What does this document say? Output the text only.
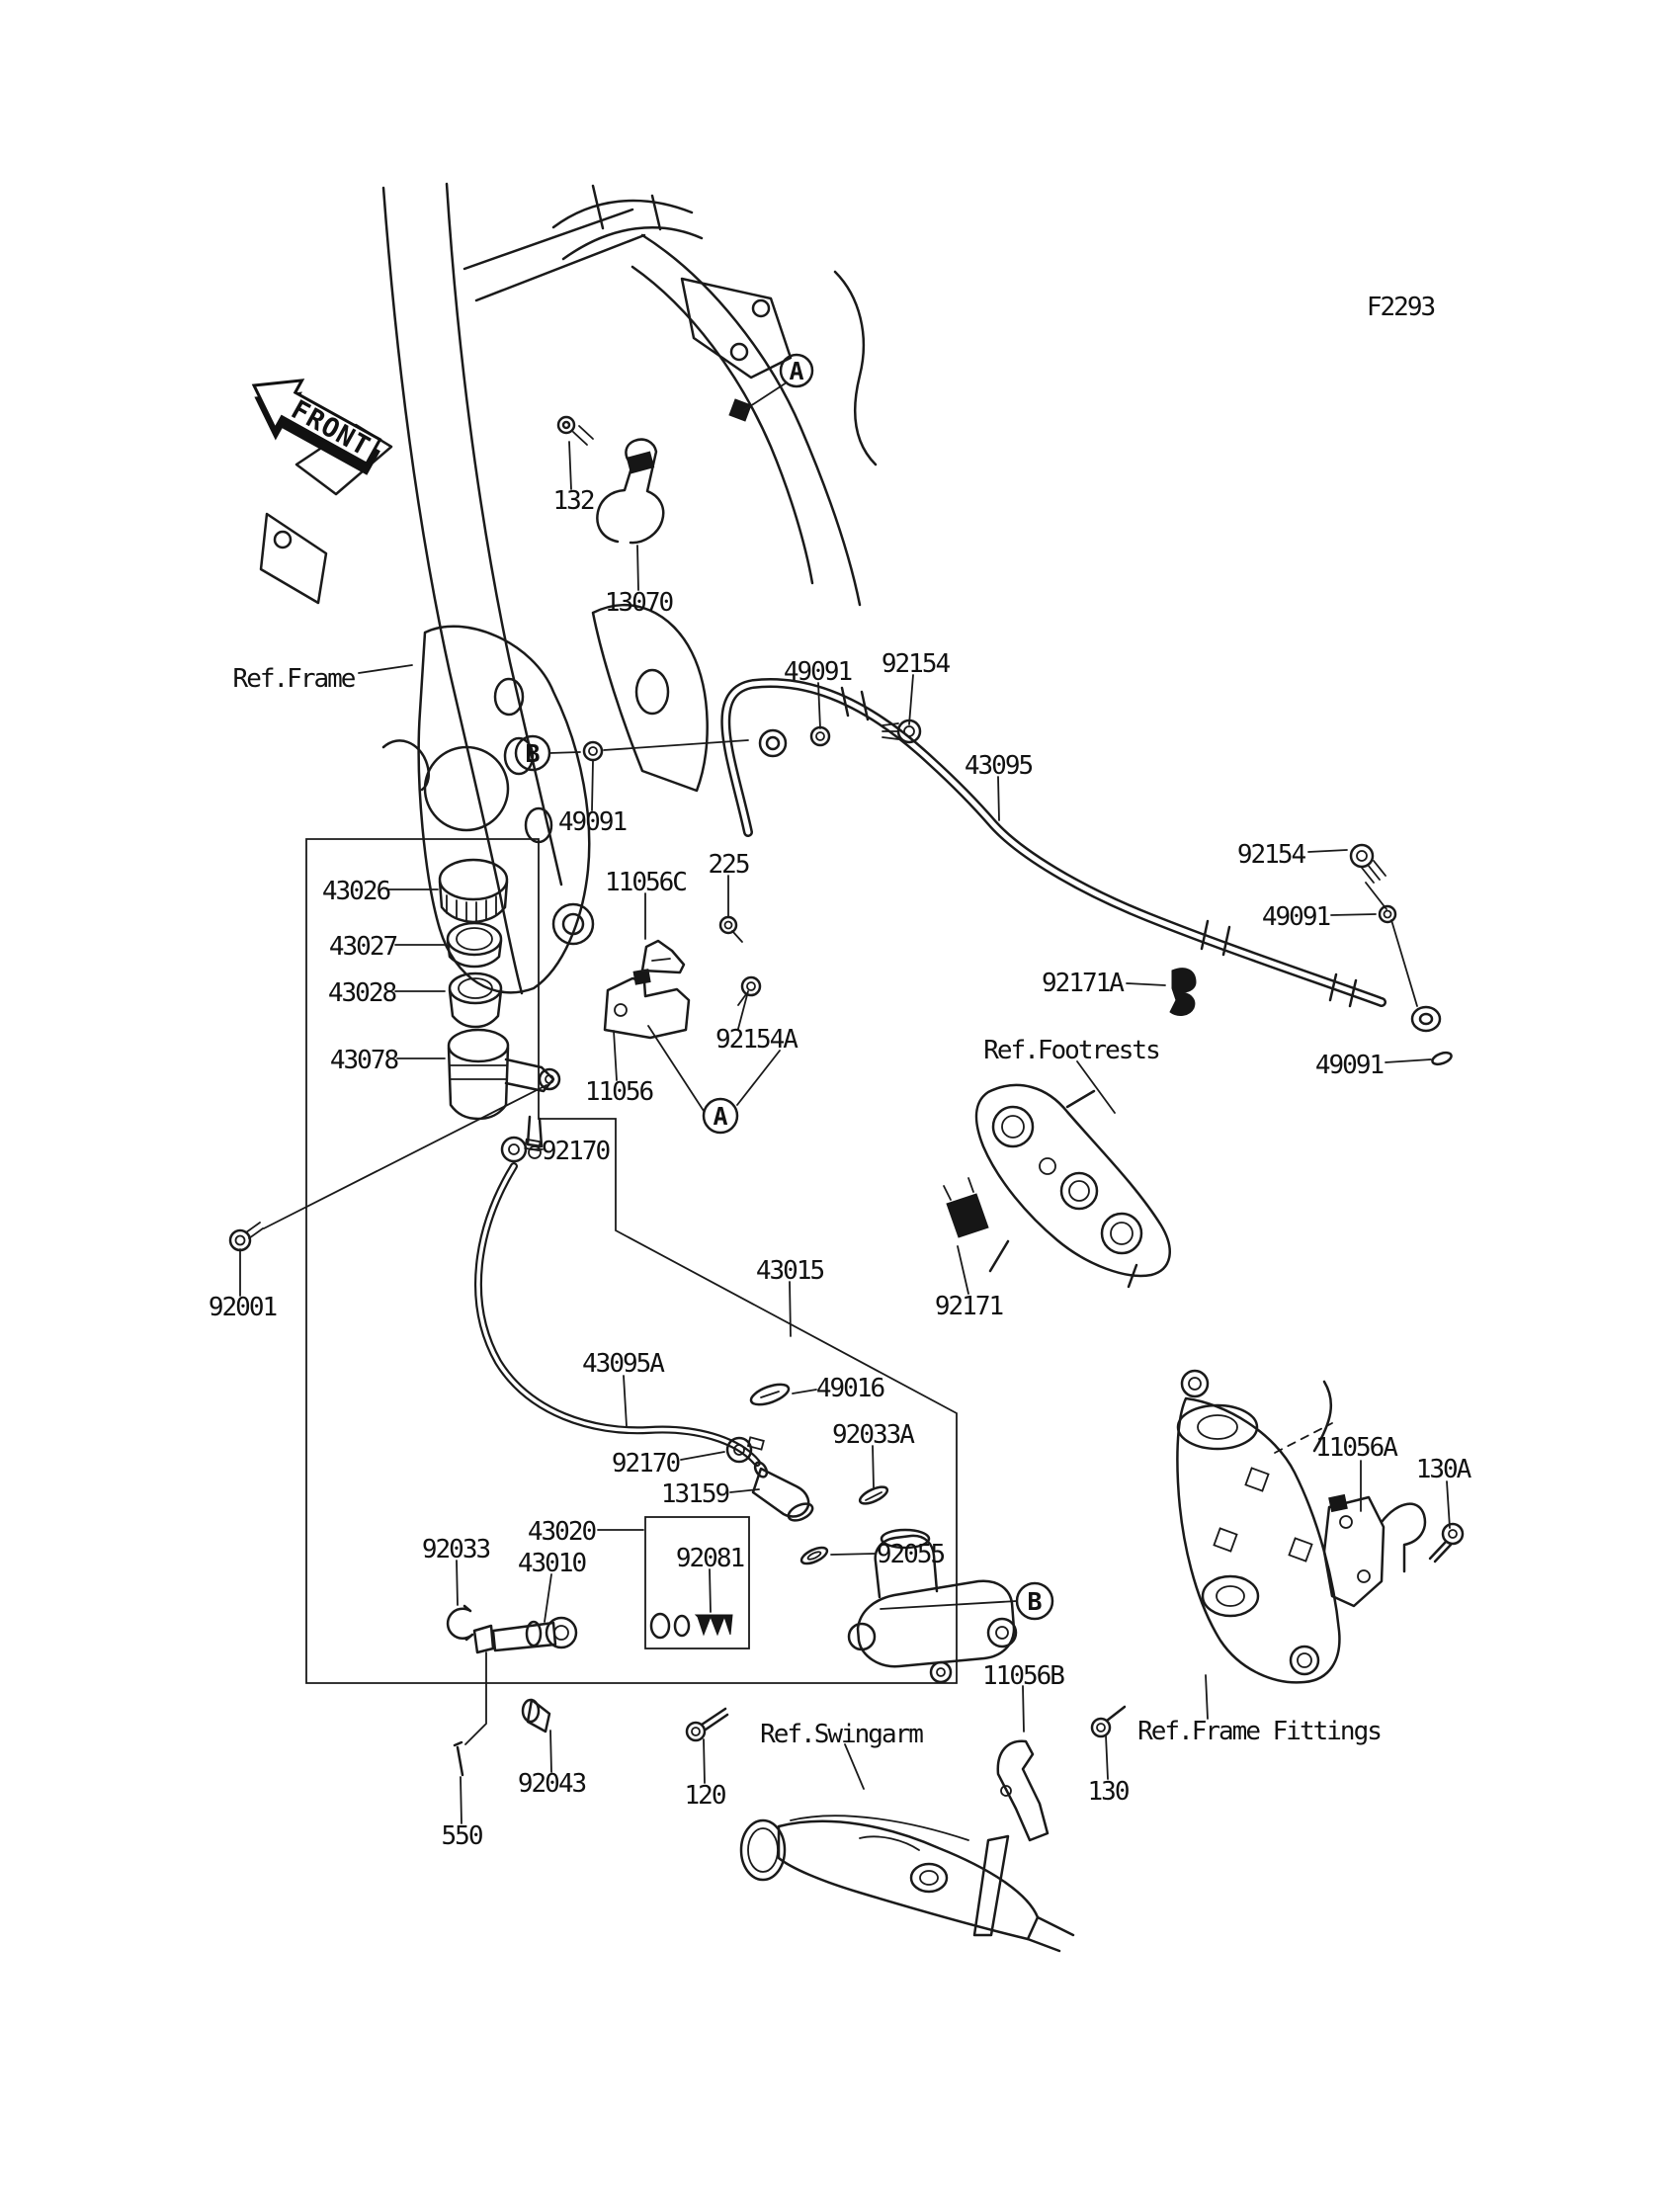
A
A
B
B
FRONT
132
13070
Ref.Frame	49091 92154
43095
49091
92154
49091
49091
92171A
Ref.Footrests
43026
43027
43028
43078
11056C
225
92154A
11056
92170
92001
43015
92171
43095A
49016
92033A
92170
13159
43020
43010
92033	92081	92055
11056A
130A
11056B
Ref.Swingarm
120
92043
550
130
Ref.Frame Fittings
F2293
